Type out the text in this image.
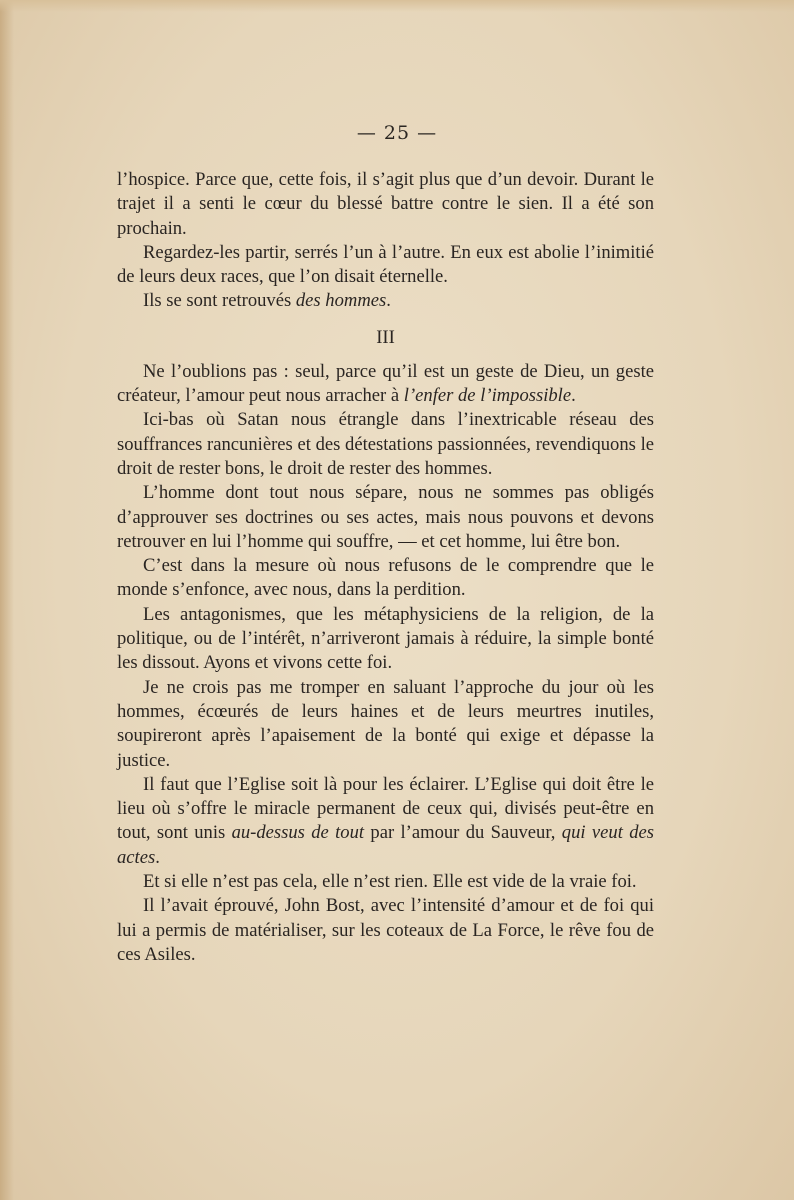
— 25 —

l’hospice. Parce que, cette fois, il s’agit plus que d’un devoir. Durant le trajet il a senti le cœur du blessé battre contre le sien. Il a été son prochain.

Regardez-les partir, serrés l’un à l’autre. En eux est abolie l’inimitié de leurs deux races, que l’on disait éternelle.

Ils se sont retrouvés des hommes.

III

Ne l’oublions pas : seul, parce qu’il est un geste de Dieu, un geste créateur, l’amour peut nous arracher à l’enfer de l’impossible.

Ici-bas où Satan nous étrangle dans l’inextricable réseau des souffrances rancunières et des détestations passionnées, revendiquons le droit de rester bons, le droit de rester des hommes.

L’homme dont tout nous sépare, nous ne sommes pas obligés d’approuver ses doctrines ou ses actes, mais nous pouvons et devons retrouver en lui l’homme qui souffre, — et cet homme, lui être bon.

C’est dans la mesure où nous refusons de le comprendre que le monde s’enfonce, avec nous, dans la perdition.

Les antagonismes, que les métaphysiciens de la religion, de la politique, ou de l’intérêt, n’arriveront jamais à réduire, la simple bonté les dissout. Ayons et vivons cette foi.

Je ne crois pas me tromper en saluant l’approche du jour où les hommes, écœurés de leurs haines et de leurs meurtres inutiles, soupireront après l’apaisement de la bonté qui exige et dépasse la justice.

Il faut que l’Eglise soit là pour les éclairer. L’Eglise qui doit être le lieu où s’offre le miracle permanent de ceux qui, divisés peut-être en tout, sont unis au-dessus de tout par l’amour du Sauveur, qui veut des actes.

Et si elle n’est pas cela, elle n’est rien. Elle est vide de la vraie foi.

Il l’avait éprouvé, John Bost, avec l’intensité d’amour et de foi qui lui a permis de matérialiser, sur les coteaux de La Force, le rêve fou de ces Asiles.
